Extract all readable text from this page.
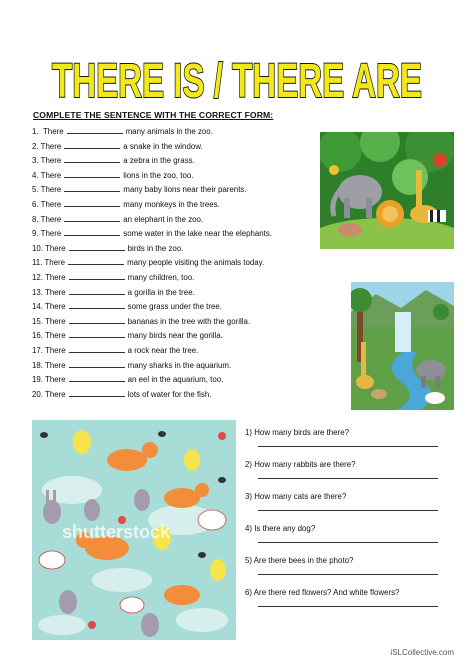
THERE IS / THERE ARE
COMPLETE THE SENTENCE WITH THE CORRECT FORM:
1. There	many animals in the zoo.
2. There	a snake in the window.
3. There	a zebra in the grass.
4. There	lions in the zoo, too.
5. There	many baby lions near their parents.
6. There	many monkeys in the trees.
8. There	an elephant in the zoo.
9. There	some water in the lake near the elephants.
10. There	birds in the zoo.
11. There	many people visiting the animals today.
12. There	many children, too.
13. There	a gorilla in the tree.
14. There	some grass under the tree.
15. There	bananas in the tree with the gorilla.
16. There	many birds near the gorilla.
17. There	a rock near the tree.
18. There	many sharks in the aquarium.
19. There	an eel in the aquarium, too.
20. There	lots of water for the fish.
shutterstock
1) How many birds are there?
2) How many rabbits are there?
3) How many cats are there?
4) Is there any dog?
5) Are there bees in the photo?
6) Are there red flowers? And white flowers?
iSLCollective.com
